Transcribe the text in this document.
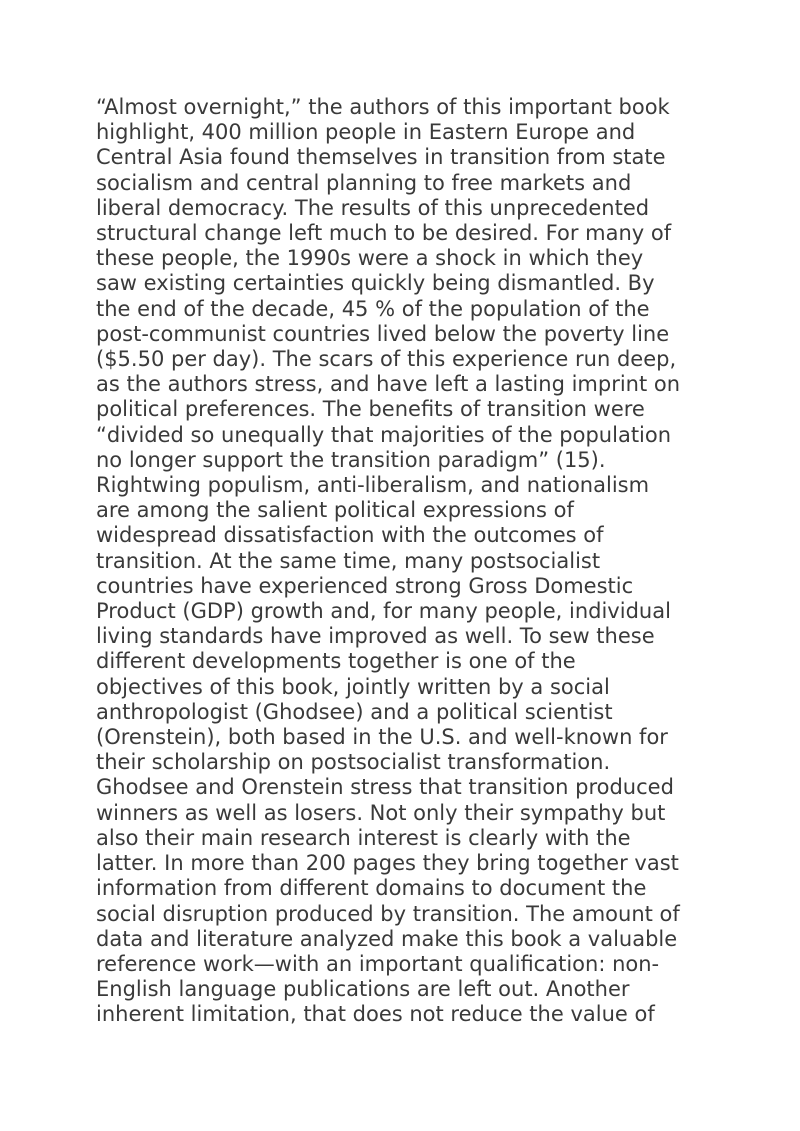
“Almost overnight,” the authors of this important book
highlight, 400 million people in Eastern Europe and
Central Asia found themselves in transition from state
socialism and central planning to free markets and
liberal democracy. The results of this unprecedented
structural change left much to be desired. For many of
these people, the 1990s were a shock in which they
saw existing certainties quickly being dismantled. By
the end of the decade, 45 % of the population of the
post-communist countries lived below the poverty line
($5.50 per day). The scars of this experience run deep,
as the authors stress, and have left a lasting imprint on
political preferences. The benefits of transition were
“divided so unequally that majorities of the population
no longer support the transition paradigm” (15).
Rightwing populism, anti-liberalism, and nationalism
are among the salient political expressions of
widespread dissatisfaction with the outcomes of
transition. At the same time, many postsocialist
countries have experienced strong Gross Domestic
Product (GDP) growth and, for many people, individual
living standards have improved as well. To sew these
different developments together is one of the
objectives of this book, jointly written by a social
anthropologist (Ghodsee) and a political scientist
(Orenstein), both based in the U.S. and well-known for
their scholarship on postsocialist transformation.
Ghodsee and Orenstein stress that transition produced
winners as well as losers. Not only their sympathy but
also their main research interest is clearly with the
latter. In more than 200 pages they bring together vast
information from different domains to document the
social disruption produced by transition. The amount of
data and literature analyzed make this book a valuable
reference work—with an important qualification: non-
English language publications are left out. Another
inherent limitation, that does not reduce the value of
